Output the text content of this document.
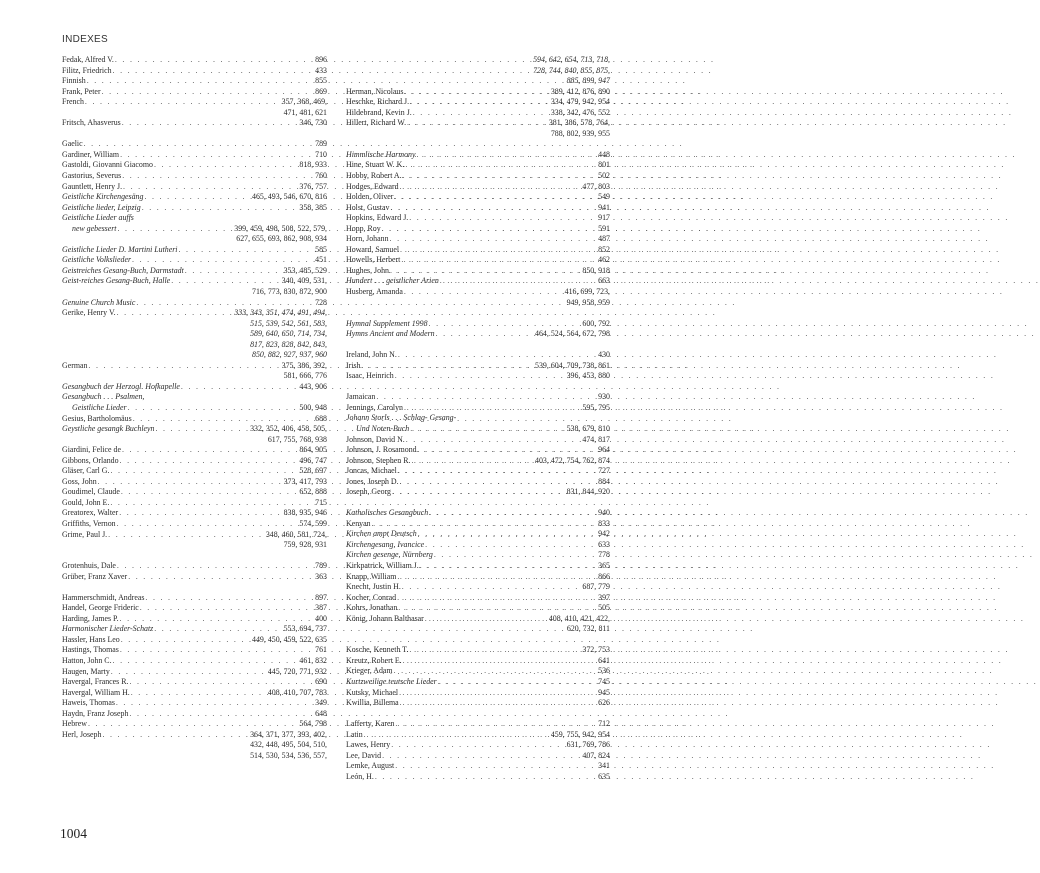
INDEXES
Fedak, Alfred V. . . .	896
Filitz, Friedrich . . .	433
Finnish . . .	855
Frank, Peter . . .	869
French . . .	357, 368, 469,
471, 481, 621
Fritsch, Ahasverus . . .	346, 730
Gaelic . . .	789
Gardiner, William . . .	710
Gastoldi, Giovanni Giacomo . . .	818, 933
Gastorius, Severus . . .	760
Gauntlett, Henry J. . . .	376, 757
Geistliche Kirchengesäng . . .	465, 493, 546, 670, 816
Geistliche lieder, Leipzig . . .	358, 385
Geistliche Lieder auffs
new gebessert . . .	399, 459, 498, 508, 522, 579,
627, 655, 693, 862, 908, 934
Geistliche Lieder D. Martini Lutheri . . .	585
Geistliche Volkslieder . . .	451
Geistreiches Gesang-Buch, Darmstadt . . .	353, 485, 529
Geist-reiches Gesang-Buch, Halle . . .	340, 409, 531,
716, 773, 830, 872, 900
Genuine Church Music . . .	728
Gerike, Henry V. . . .	333, 343, 351, 474, 491, 494,
515, 539, 542, 561, 583,
589, 640, 650, 714, 734,
817, 823, 828, 842, 843,
850, 882, 927, 937, 960
German . . .	375, 386, 392,
581, 666, 776
Gesangbuch der Herzogl. Hofkapelle . . .	443, 906
Gesangbuch . . . Psalmen,
Geistliche Lieder . . .	500, 948
Gesius, Bartholomäus . . .	688
Geystliche gesangk Buchleyn . . .	332, 352, 406, 458, 505,
617, 755, 768, 938
Giardini, Felice de . . .	864, 905
Gibbons, Orlando . . .	496, 747
Gläser, Carl G. . . .	528, 697
Goss, John . . .	373, 417, 793
Goudimel, Claude . . .	652, 888
Gould, John E. . . .	715
Greatorex, Walter . . .	838, 935, 946
Griffiths, Vernon . . .	574, 599
Grime, Paul J. . . .	348, 460, 581, 724,
759, 928, 931
Grotenhuis, Dale . . .	789
Grüber, Franz Xaver . . .	363
Hammerschmidt, Andreas . . .	897
Handel, George Frideric . . .	387
Harding, James P. . . .	400
Harmonischer Lieder-Schatz . . .	553, 694, 737
Hassler, Hans Leo . . .	449, 450, 459, 522, 635
Hastings, Thomas . . .	761
Hatton, John C. . . .	461, 832
Haugen, Marty . . .	445, 720, 771, 932
Havergal, Frances R. . . .	690
Havergal, William H. . . .	408, 410, 707, 783
Haweis, Thomas . . .	349
Haydn, Franz Joseph . . .	648
Hebrew . . .	564, 798
Herl, Joseph . . .	364, 371, 377, 393, 402,
432, 448, 495, 504, 510,
514, 530, 534, 536, 557,
594, 642, 654, 713, 718,
728, 744, 840, 855, 875,
885, 899, 947
Herman, Nicolaus . . .	389, 412, 876, 890
Heschke, Richard J. . . .	334, 479, 942, 954
Hildebrand, Kevin J. . . .	338, 342, 476, 552
Hillert, Richard W. . . .	381, 386, 578, 764,
788, 802, 939, 955
Himmlische Harmony . . .	448
Hine, Stuart W. K. . . .	801
Hobby, Robert A. . . .	502
Hodges, Edward . . .	477, 803
Holden, Oliver . . .	549
Holst, Gustav . . .	941
Hopkins, Edward J. . . .	917
Hopp, Roy . . .	591
Horn, Johann . . .	487
Howard, Samuel . . .	852
Howells, Herbert . . .	462
Hughes, John . . .	850, 918
Hundert . . . geistlicher Arien . . .	663
Husberg, Amanda . . .	416, 699, 723,
949, 958, 959
Hymnal Supplement 1998 . . .	600, 792
Hymns Ancient and Modern . . .	464, 524, 564, 672, 798
Ireland, John N. . . .	430
Irish . . .	539, 604, 709, 738, 861
Isaac, Heinrich . . .	396, 453, 880
Jamaican . . .	930
Jennings, Carolyn . . .	595, 795
Johann Storls . . . Schlag- Gesang-
Und Noten-Buch . . .	538, 679, 810
Johnson, David N. . . .	474, 817
Johnson, J. Rosamond . . .	964
Johnson, Stephen R. . . .	403, 472, 754, 762, 874
Joncas, Michael . . .	727
Jones, Joseph D. . . .	884
Joseph, Georg . . .	831, 844, 920
Katholisches Gesangbuch . . .	940
Kenyan . . .	833
Kirchen ampt Deutsch . . .	942
Kirchengesang, Ivancice . . .	633
Kirchen gesenge, Nürnberg . . .	778
Kirkpatrick, William J. . . .	365
Knapp, William . . .	866
Knecht, Justin H. . . .	687, 779
Kocher, Conrad . . .	397
Kohrs, Jonathan . . .	505
König, Johann Balthasar . . .	408, 410, 421, 422,
620, 732, 811
Kosche, Kenneth T. . . .	372, 753
Kreutz, Robert E. . . .	641
Krieger, Adam . . .	536
Kurtzweilige teutsche Lieder . . .	745
Kutsky, Michael . . .	945
Kwillia, Billema . . .	626
Lafferty, Karen . . .	712
Latin . . .	459, 755, 942, 954
Lawes, Henry . . .	631, 769, 786
Lee, David . . .	407, 824
Lemke, August . . .	341
León, H. . . .	635
1004
